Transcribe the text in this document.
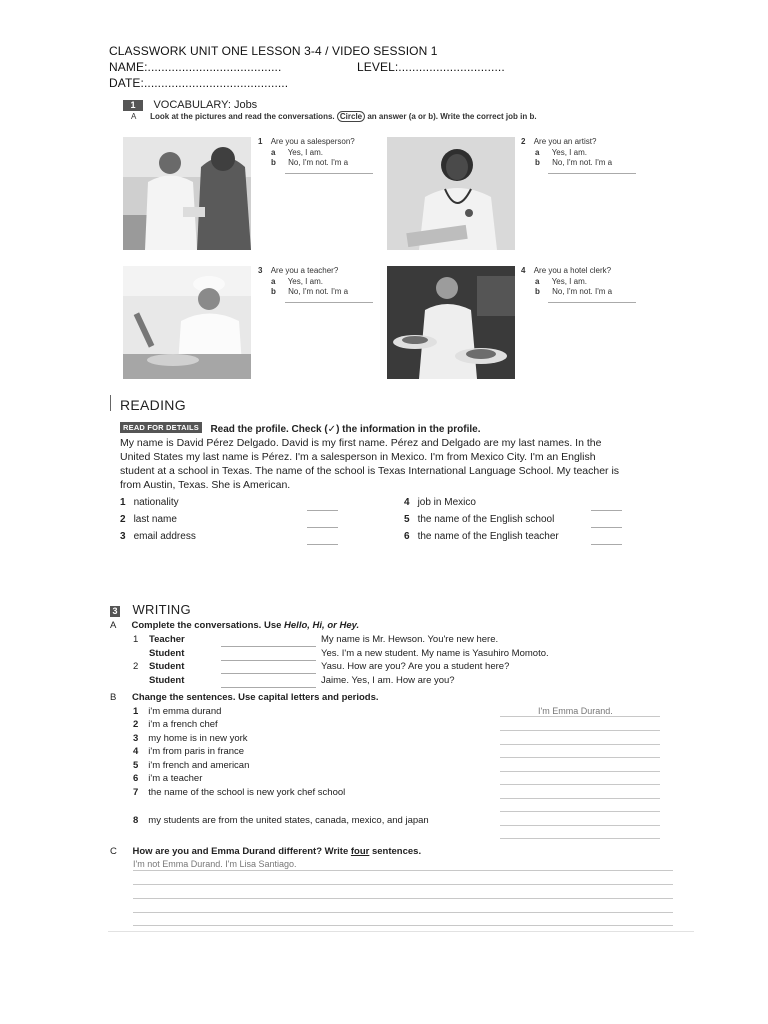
CLASSWORK UNIT ONE LESSON 3-4 / VIDEO SESSION 1
NAME:.......................................	LEVEL:...............................
DATE:..........................................
1 VOCABULARY: Jobs
A Look at the pictures and read the conversations. Circle an answer (a or b). Write the correct job in b.
1 Are you a salesperson?
a Yes, I am.
b No, I'm not. I'm a
2 Are you an artist?
a Yes, I am.
b No, I'm not. I'm a
3 Are you a teacher?
a Yes, I am.
b No, I'm not. I'm a
4 Are you a hotel clerk?
a Yes, I am.
b No, I'm not. I'm a
READING
READ FOR DETAILS Read the profile. Check (✓) the information in the profile.
My name is David Pérez Delgado. David is my first name. Pérez and Delgado are my last names. In the
United States my last name is Pérez. I'm a salesperson in Mexico. I'm from Mexico City. I'm an English
student at a school in Texas. The name of the school is Texas International Language School. My teacher is
from Austin, Texas. She is American.
1 nationality
2 last name
3 email address
4 job in Mexico
5 the name of the English school
6 the name of the English teacher
3 WRITING
A Complete the conversations. Use Hello, Hi, or Hey.
1 Teacher	My name is Mr. Hewson. You're new here.
Student	Yes. I'm a new student. My name is Yasuhiro Momoto.
2 Student	Yasu. How are you? Are you a student here?
Student	Jaime. Yes, I am. How are you?
B Change the sentences. Use capital letters and periods.
1 i'm emma durand	I'm Emma Durand.
2 i'm a french chef
3 my home is in new york
4 i'm from paris in france
5 i'm french and american
6 i'm a teacher
7 the name of the school is new york chef school
8 my students are from the united states, canada, mexico, and japan
C How are you and Emma Durand different? Write four sentences.
I'm not Emma Durand. I'm Lisa Santiago.
